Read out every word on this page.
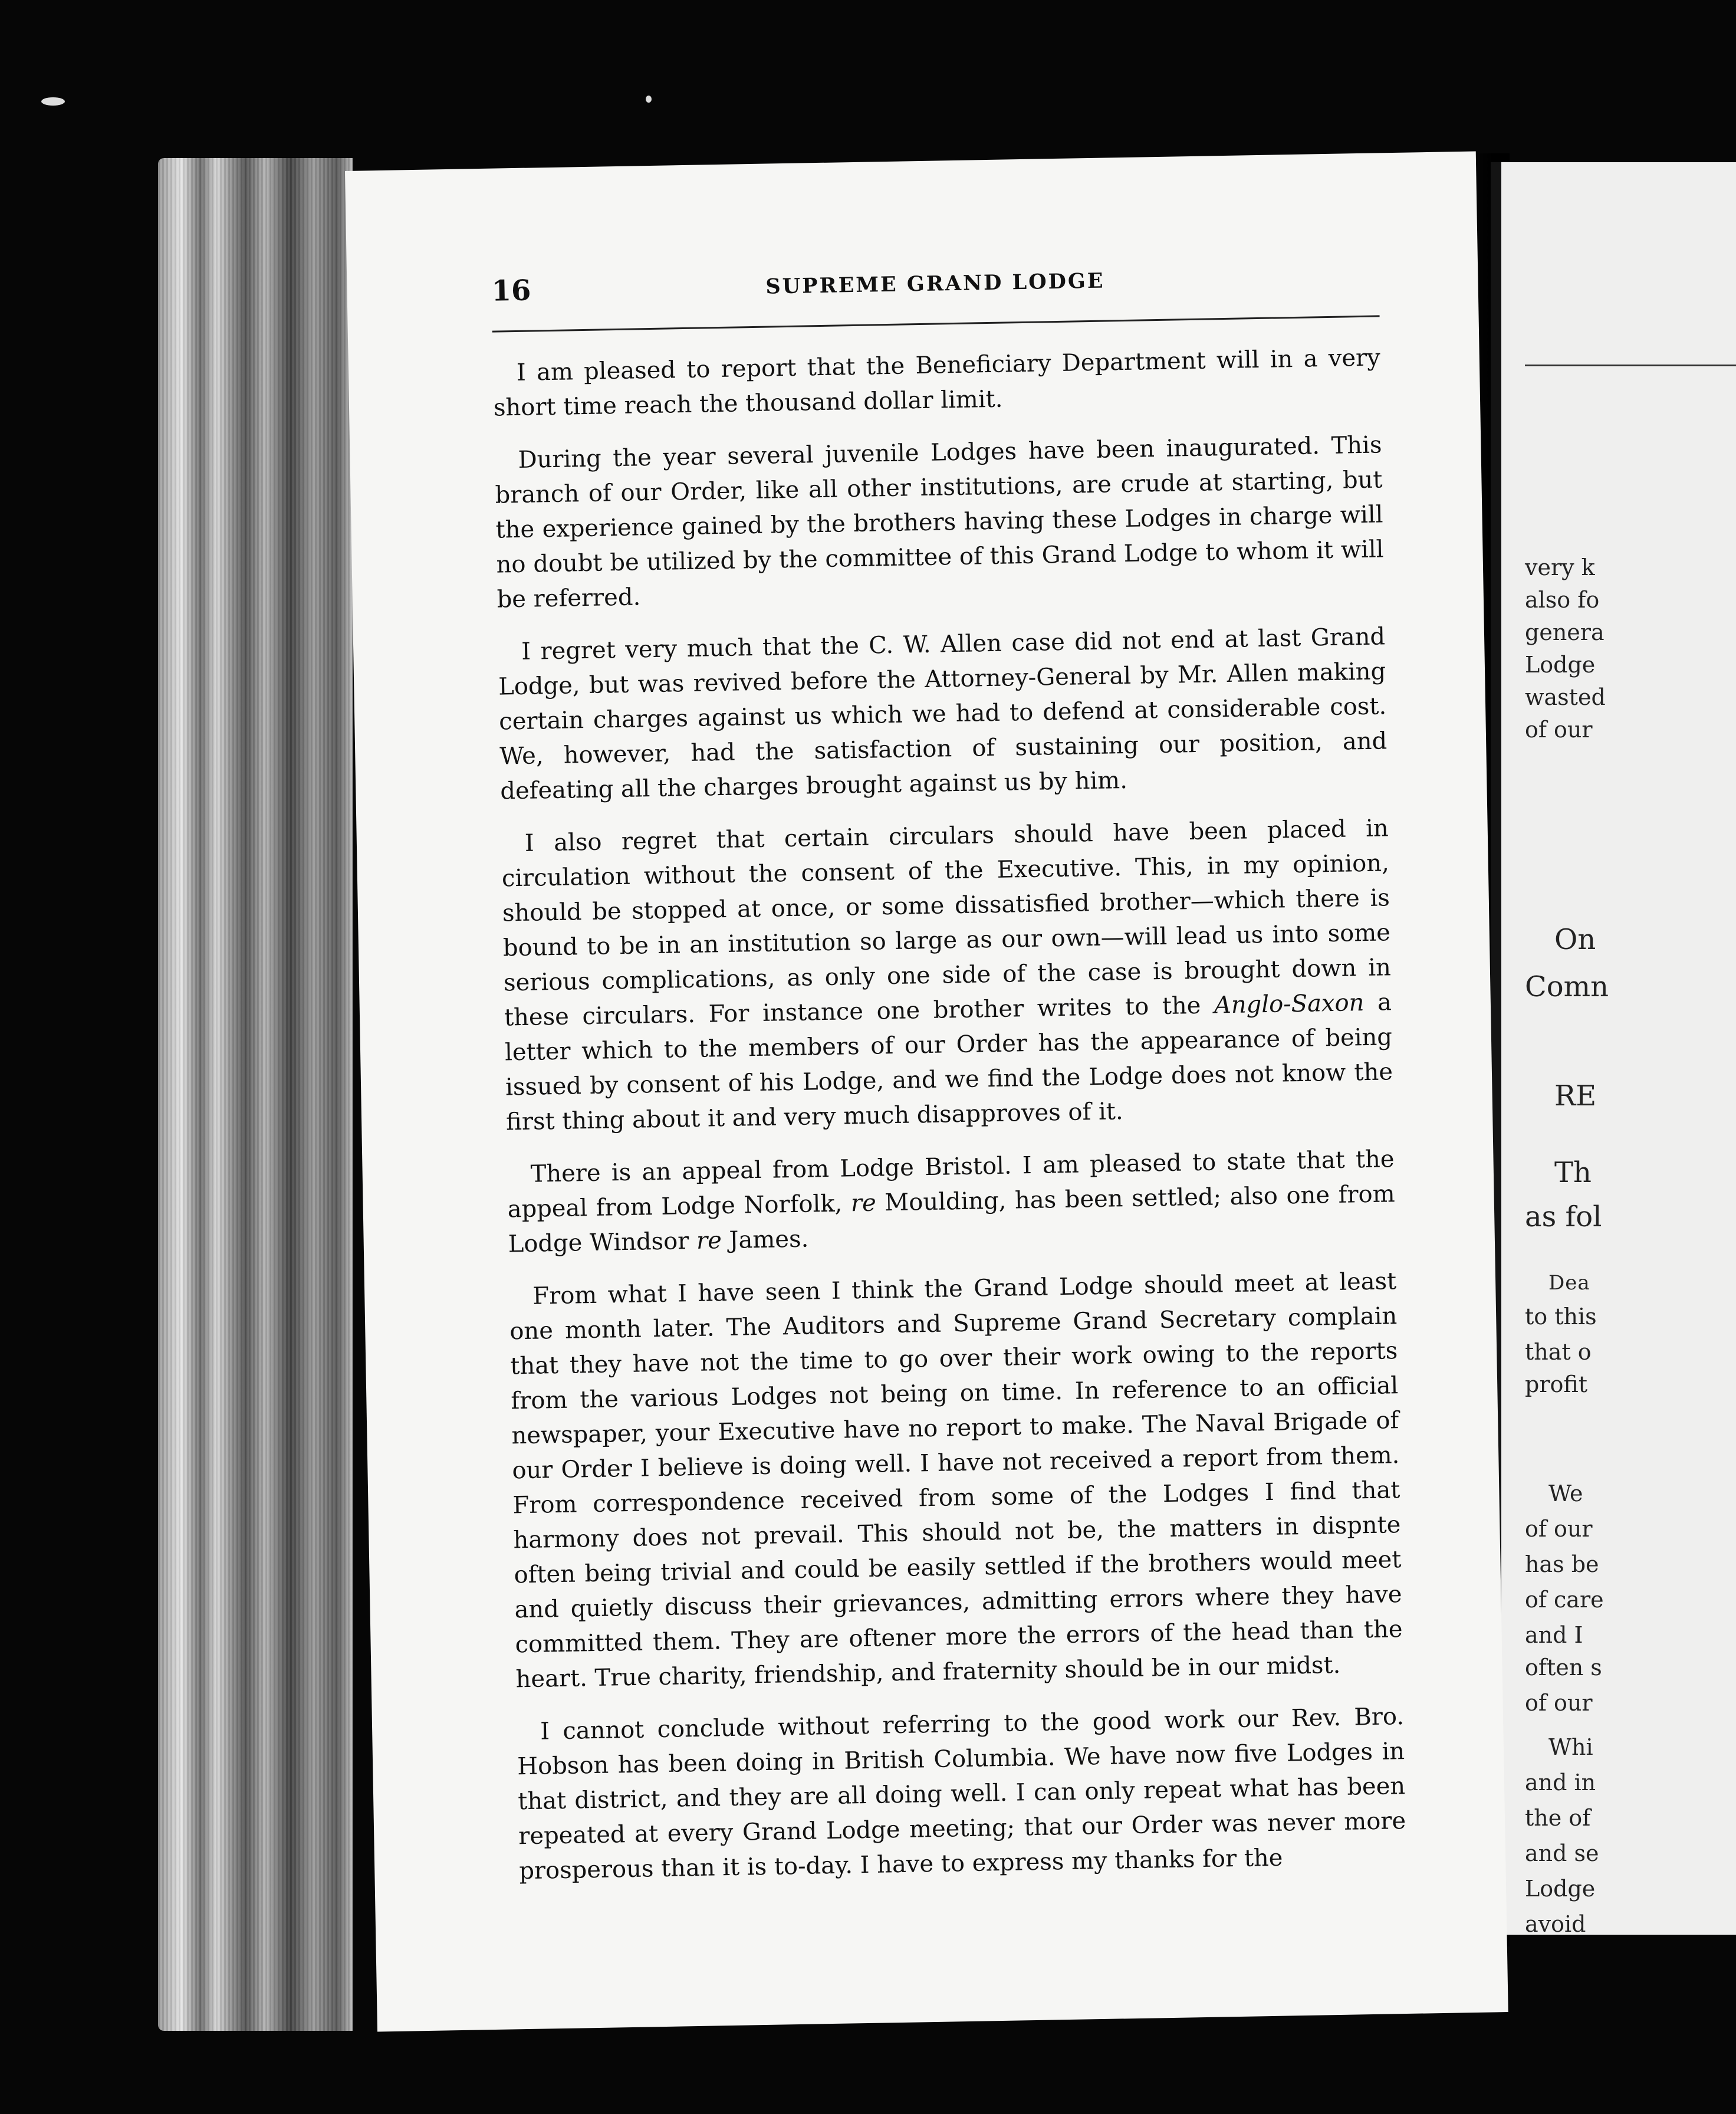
very k
also fo
genera
Lodge
wasted
of our
On
Comn
RE
Th
as fol
Dea
to this
that o
profit
We
of our
has be
of care
and I
often s
of our
Whi
and in
the of
and se
Lodge
avoid
16	SUPREME GRAND LODGE

I am pleased to report that the Beneficiary Department will in a very short time reach the thousand dollar limit.

During the year several juvenile Lodges have been inaugurated. This branch of our Order, like all other institutions, are crude at starting, but the experience gained by the brothers having these Lodges in charge will no doubt be utilized by the committee of this Grand Lodge to whom it will be referred.

I regret very much that the C. W. Allen case did not end at last Grand Lodge, but was revived before the Attorney-General by Mr. Allen making certain charges against us which we had to defend at considerable cost. We, however, had the satisfaction of sustaining our position, and defeating all the charges brought against us by him.

I also regret that certain circulars should have been placed in circulation without the consent of the Executive. This, in my opinion, should be stopped at once, or some dissatisfied brother—which there is bound to be in an institution so large as our own—will lead us into some serious complications, as only one side of the case is brought down in these circulars. For instance one brother writes to the Anglo-Saxon a letter which to the members of our Order has the appearance of being issued by consent of his Lodge, and we find the Lodge does not know the first thing about it and very much disapproves of it.

There is an appeal from Lodge Bristol. I am pleased to state that the appeal from Lodge Norfolk, re Moulding, has been settled; also one from Lodge Windsor re James.

From what I have seen I think the Grand Lodge should meet at least one month later. The Auditors and Supreme Grand Secretary complain that they have not the time to go over their work owing to the reports from the various Lodges not being on time. In reference to an official newspaper, your Executive have no report to make. The Naval Brigade of our Order I believe is doing well. I have not received a report from them. From correspondence received from some of the Lodges I find that harmony does not prevail. This should not be, the matters in dispnte often being trivial and could be easily settled if the brothers would meet and quietly discuss their grievances, admitting errors where they have committed them. They are oftener more the errors of the head than the heart. True charity, friendship, and fraternity should be in our midst.

I cannot conclude without referring to the good work our Rev. Bro. Hobson has been doing in British Columbia. We have now five Lodges in that district, and they are all doing well. I can only repeat what has been repeated at every Grand Lodge meeting; that our Order was never more prosperous than it is to-day. I have to express my thanks for the
